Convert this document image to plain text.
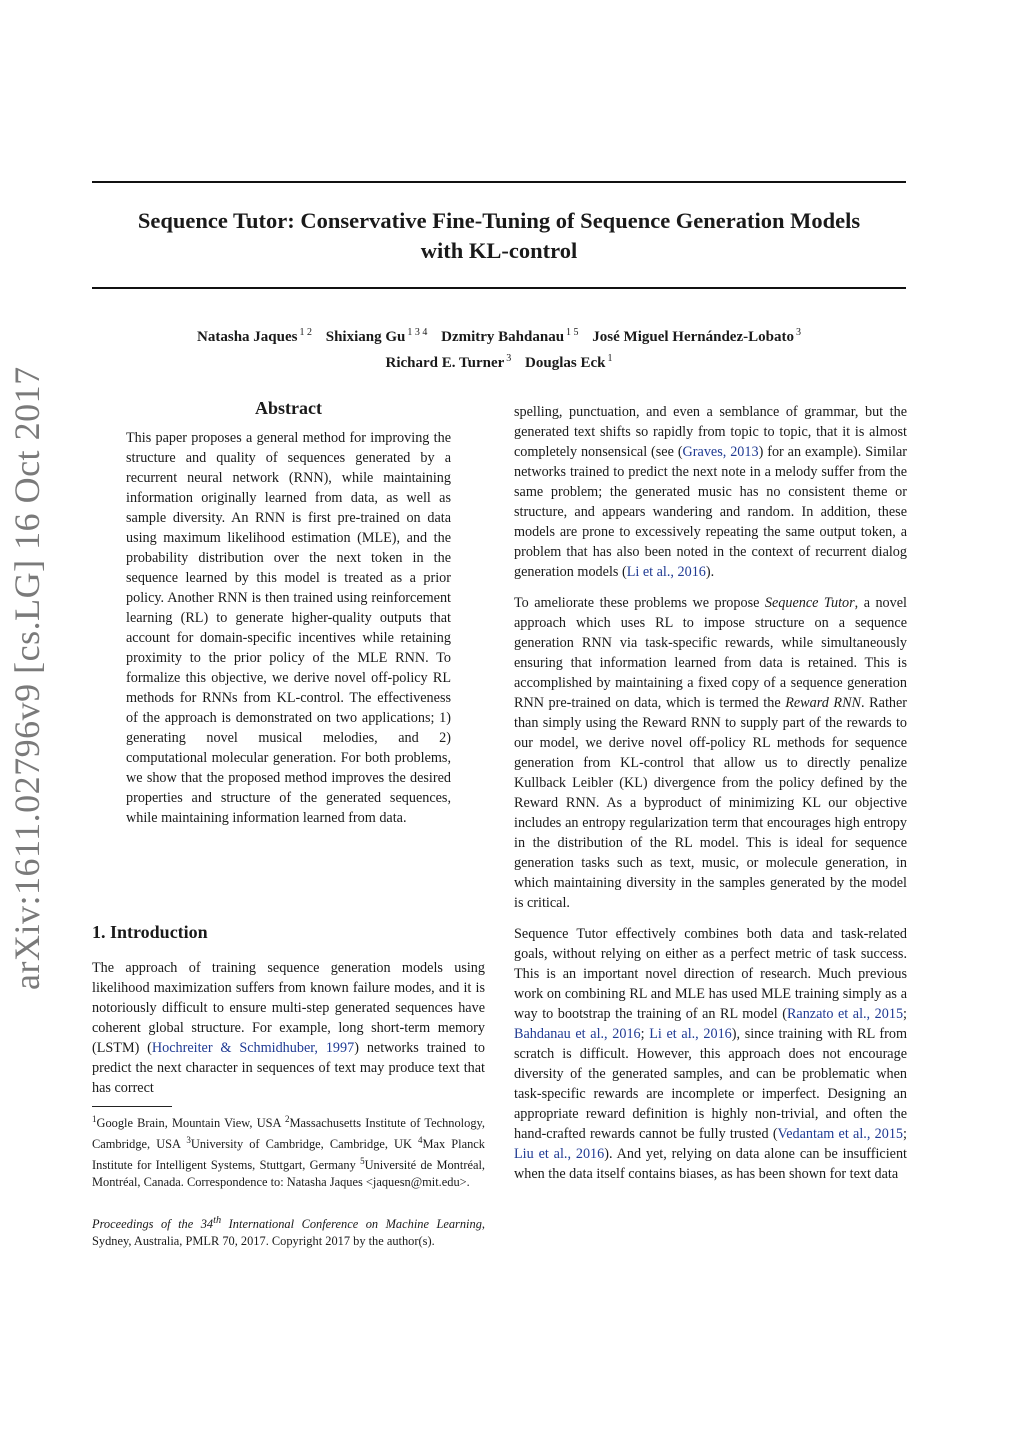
arXiv:1611.02796v9 [cs.LG] 16 Oct 2017
Sequence Tutor: Conservative Fine-Tuning of Sequence Generation Models
with KL-control
Natasha Jaques $^{1 2}$ Shixiang Gu $^{1 3 4}$ Dzmitry Bahdanau $^{1 5}$ José Miguel Hernández-Lobato $^3$
Richard E. Turner $^3$ Douglas Eck $^1$
Abstract

This paper proposes a general method for improving the structure and quality of sequences generated by a recurrent neural network (RNN), while maintaining information originally learned from data, as well as sample diversity. An RNN is first pre-trained on data using maximum likelihood estimation (MLE), and the probability distribution over the next token in the sequence learned by this model is treated as a prior policy. Another RNN is then trained using reinforcement learning (RL) to generate higher-quality outputs that account for domain-specific incentives while retaining proximity to the prior policy of the MLE RNN. To formalize this objective, we derive novel off-policy RL methods for RNNs from KL-control. The effectiveness of the approach is demonstrated on two applications; 1) generating novel musical melodies, and 2) computational molecular generation. For both problems, we show that the proposed method improves the desired properties and structure of the generated sequences, while maintaining information learned from data.

1. Introduction

The approach of training sequence generation models using likelihood maximization suffers from known failure modes, and it is notoriously difficult to ensure multi-step generated sequences have coherent global structure. For example, long short-term memory (LSTM) (Hochreiter & Schmidhuber, 1997) networks trained to predict the next character in sequences of text may produce text that has correct

$^1$Google Brain, Mountain View, USA $^2$Massachusetts Institute of Technology, Cambridge, USA $^3$University of Cambridge, Cambridge, UK $^4$Max Planck Institute for Intelligent Systems, Stuttgart, Germany $^5$Université de Montréal, Montréal, Canada. Correspondence to: Natasha Jaques <jaquesn@mit.edu>.

Proceedings of the 34th International Conference on Machine Learning, Sydney, Australia, PMLR 70, 2017. Copyright 2017 by the author(s).

spelling, punctuation, and even a semblance of grammar, but the generated text shifts so rapidly from topic to topic, that it is almost completely nonsensical (see (Graves, 2013) for an example). Similar networks trained to predict the next note in a melody suffer from the same problem; the generated music has no consistent theme or structure, and appears wandering and random. In addition, these models are prone to excessively repeating the same output token, a problem that has also been noted in the context of recurrent dialog generation models (Li et al., 2016).

To ameliorate these problems we propose Sequence Tutor, a novel approach which uses RL to impose structure on a sequence generation RNN via task-specific rewards, while simultaneously ensuring that information learned from data is retained. This is accomplished by maintaining a fixed copy of a sequence generation RNN pre-trained on data, which is termed the Reward RNN. Rather than simply using the Reward RNN to supply part of the rewards to our model, we derive novel off-policy RL methods for sequence generation from KL-control that allow us to directly penalize Kullback Leibler (KL) divergence from the policy defined by the Reward RNN. As a byproduct of minimizing KL our objective includes an entropy regularization term that encourages high entropy in the distribution of the RL model. This is ideal for sequence generation tasks such as text, music, or molecule generation, in which maintaining diversity in the samples generated by the model is critical.

Sequence Tutor effectively combines both data and task-related goals, without relying on either as a perfect metric of task success. This is an important novel direction of research. Much previous work on combining RL and MLE has used MLE training simply as a way to bootstrap the training of an RL model (Ranzato et al., 2015; Bahdanau et al., 2016; Li et al., 2016), since training with RL from scratch is difficult. However, this approach does not encourage diversity of the generated samples, and can be problematic when task-specific rewards are incomplete or imperfect. Designing an appropriate reward definition is highly non-trivial, and often the hand-crafted rewards cannot be fully trusted (Vedantam et al., 2015; Liu et al., 2016). And yet, relying on data alone can be insufficient when the data itself contains biases, as has been shown for text data
